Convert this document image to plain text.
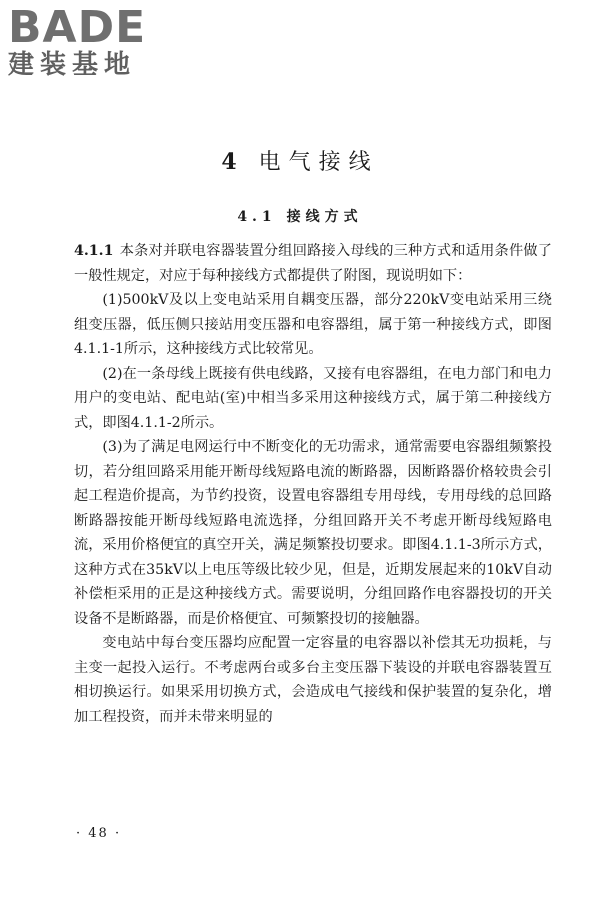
BADE
建装基地
4 电气接线
4.1 接线方式

4.1.1 本条对并联电容器装置分组回路接入母线的三种方式和适用条件做了一般性规定，对应于每种接线方式都提供了附图，现说明如下：

(1)500kV及以上变电站采用自耦变压器，部分220kV变电站采用三绕组变压器，低压侧只接站用变压器和电容器组，属于第一种接线方式，即图4.1.1-1所示，这种接线方式比较常见。

(2)在一条母线上既接有供电线路，又接有电容器组，在电力部门和电力用户的变电站、配电站(室)中相当多采用这种接线方式，属于第二种接线方式，即图4.1.1-2所示。

(3)为了满足电网运行中不断变化的无功需求，通常需要电容器组频繁投切，若分组回路采用能开断母线短路电流的断路器，因断路器价格较贵会引起工程造价提高，为节约投资，设置电容器组专用母线，专用母线的总回路断路器按能开断母线短路电流选择，分组回路开关不考虑开断母线短路电流，采用价格便宜的真空开关，满足频繁投切要求。即图4.1.1-3所示方式，这种方式在35kV以上电压等级比较少见，但是，近期发展起来的10kV自动补偿柜采用的正是这种接线方式。需要说明，分组回路作电容器投切的开关设备不是断路器，而是价格便宜、可频繁投切的接触器。

变电站中每台变压器均应配置一定容量的电容器以补偿其无功损耗，与主变一起投入运行。不考虑两台或多台主变压器下装设的并联电容器装置互相切换运行。如果采用切换方式，会造成电气接线和保护装置的复杂化，增加工程投资，而并未带来明显的

· 48 ·
